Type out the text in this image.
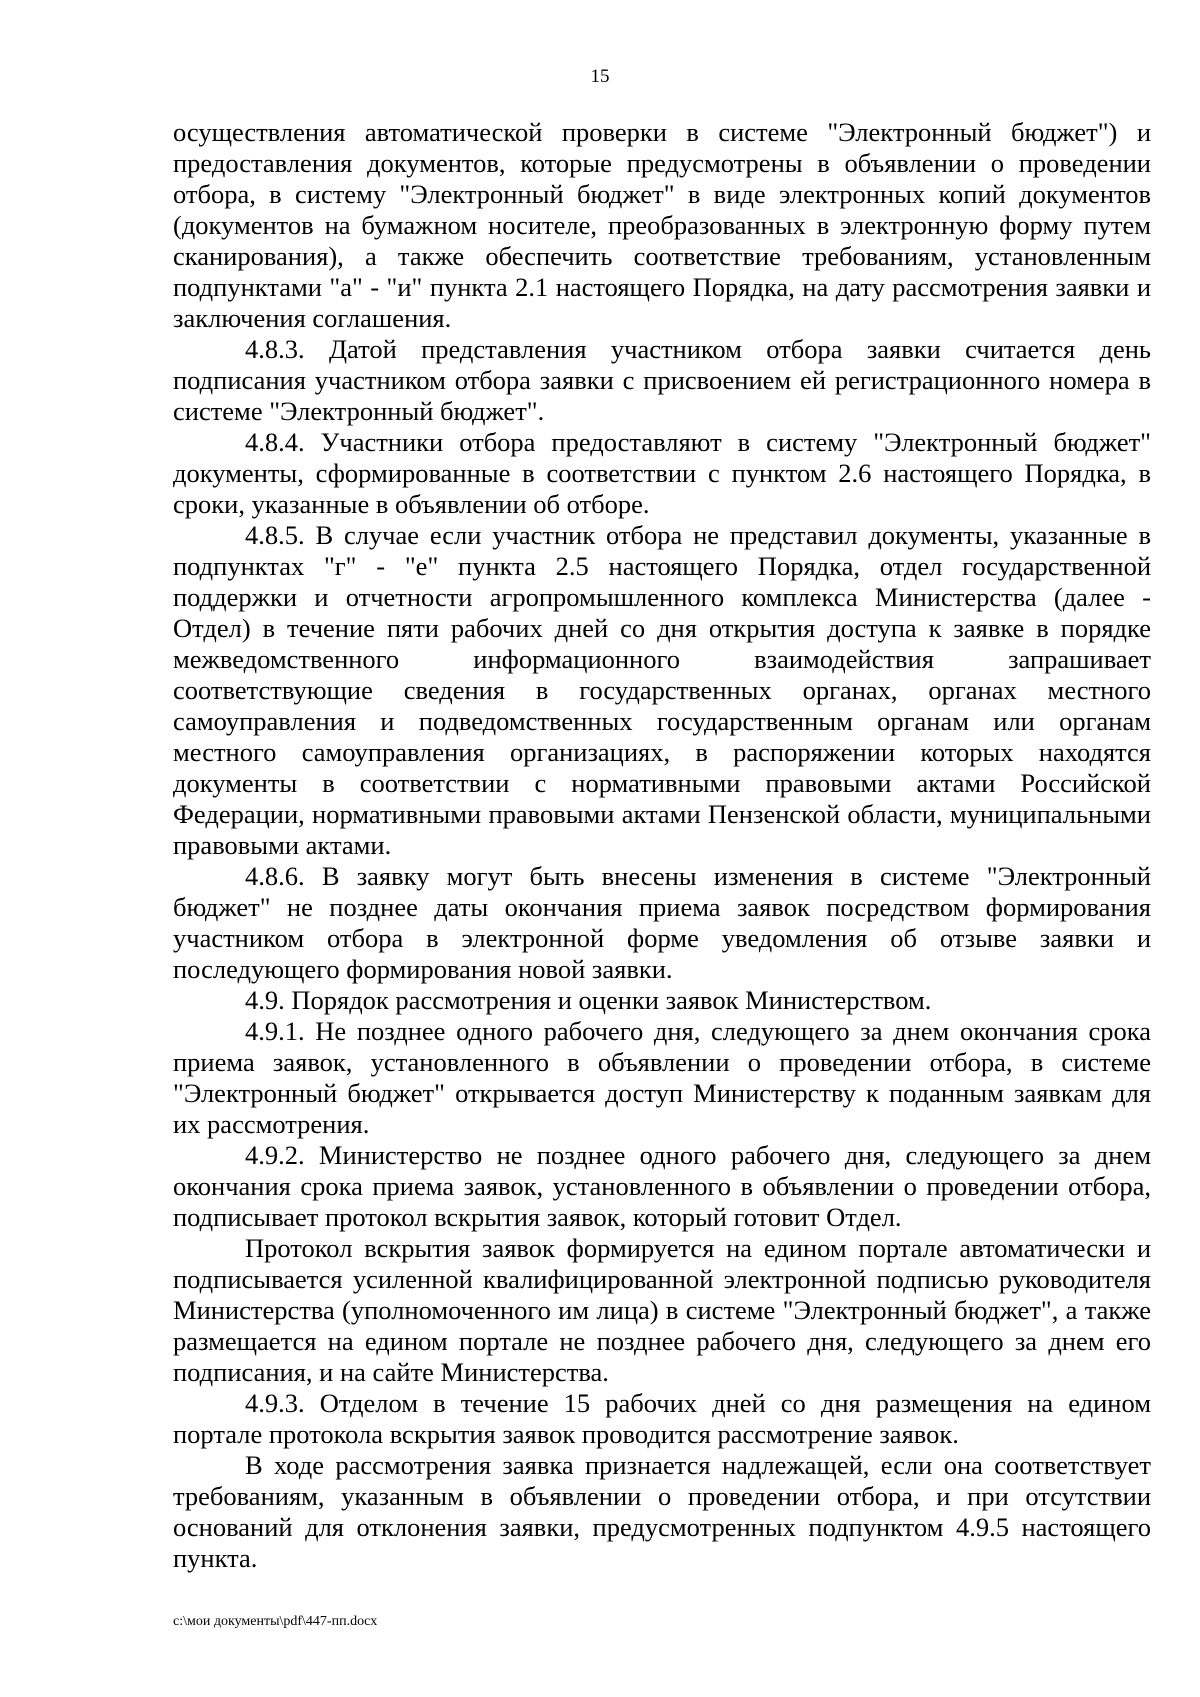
15

осуществления автоматической проверки в системе "Электронный бюджет") и предоставления документов, которые предусмотрены в объявлении о проведении отбора, в систему "Электронный бюджет" в виде электронных копий документов (документов на бумажном носителе, преобразованных в электронную форму путем сканирования), а также обеспечить соответствие требованиям, установленным подпунктами "а" - "и" пункта 2.1 настоящего Порядка, на дату рассмотрения заявки и заключения соглашения.

4.8.3. Датой представления участником отбора заявки считается день подписания участником отбора заявки с присвоением ей регистрационного номера в системе "Электронный бюджет".

4.8.4. Участники отбора предоставляют в систему "Электронный бюджет" документы, сформированные в соответствии с пунктом 2.6 настоящего Порядка, в сроки, указанные в объявлении об отборе.

4.8.5. В случае если участник отбора не представил документы, указанные в подпунктах "г" - "е" пункта 2.5 настоящего Порядка, отдел государственной поддержки и отчетности агропромышленного комплекса Министерства (далее - Отдел) в течение пяти рабочих дней со дня открытия доступа к заявке в порядке межведомственного информационного взаимодействия запрашивает соответствующие сведения в государственных органах, органах местного самоуправления и подведомственных государственным органам или органам местного самоуправления организациях, в распоряжении которых находятся документы в соответствии с нормативными правовыми актами Российской Федерации, нормативными правовыми актами Пензенской области, муниципальными правовыми актами.

4.8.6. В заявку могут быть внесены изменения в системе "Электронный бюджет" не позднее даты окончания приема заявок посредством формирования участником отбора в электронной форме уведомления об отзыве заявки и последующего формирования новой заявки.

4.9. Порядок рассмотрения и оценки заявок Министерством.

4.9.1. Не позднее одного рабочего дня, следующего за днем окончания срока приема заявок, установленного в объявлении о проведении отбора, в системе "Электронный бюджет" открывается доступ Министерству к поданным заявкам для их рассмотрения.

4.9.2. Министерство не позднее одного рабочего дня, следующего за днем окончания срока приема заявок, установленного в объявлении о проведении отбора, подписывает протокол вскрытия заявок, который готовит Отдел.

Протокол вскрытия заявок формируется на едином портале автоматически и подписывается усиленной квалифицированной электронной подписью руководителя Министерства (уполномоченного им лица) в системе "Электронный бюджет", а также размещается на едином портале не позднее рабочего дня, следующего за днем его подписания, и на сайте Министерства.

4.9.3. Отделом в течение 15 рабочих дней со дня размещения на едином портале протокола вскрытия заявок проводится рассмотрение заявок.

В ходе рассмотрения заявка признается надлежащей, если она соответствует требованиям, указанным в объявлении о проведении отбора, и при отсутствии оснований для отклонения заявки, предусмотренных подпунктом 4.9.5 настоящего пункта.

c:\мои документы\pdf\447-пп.docx
